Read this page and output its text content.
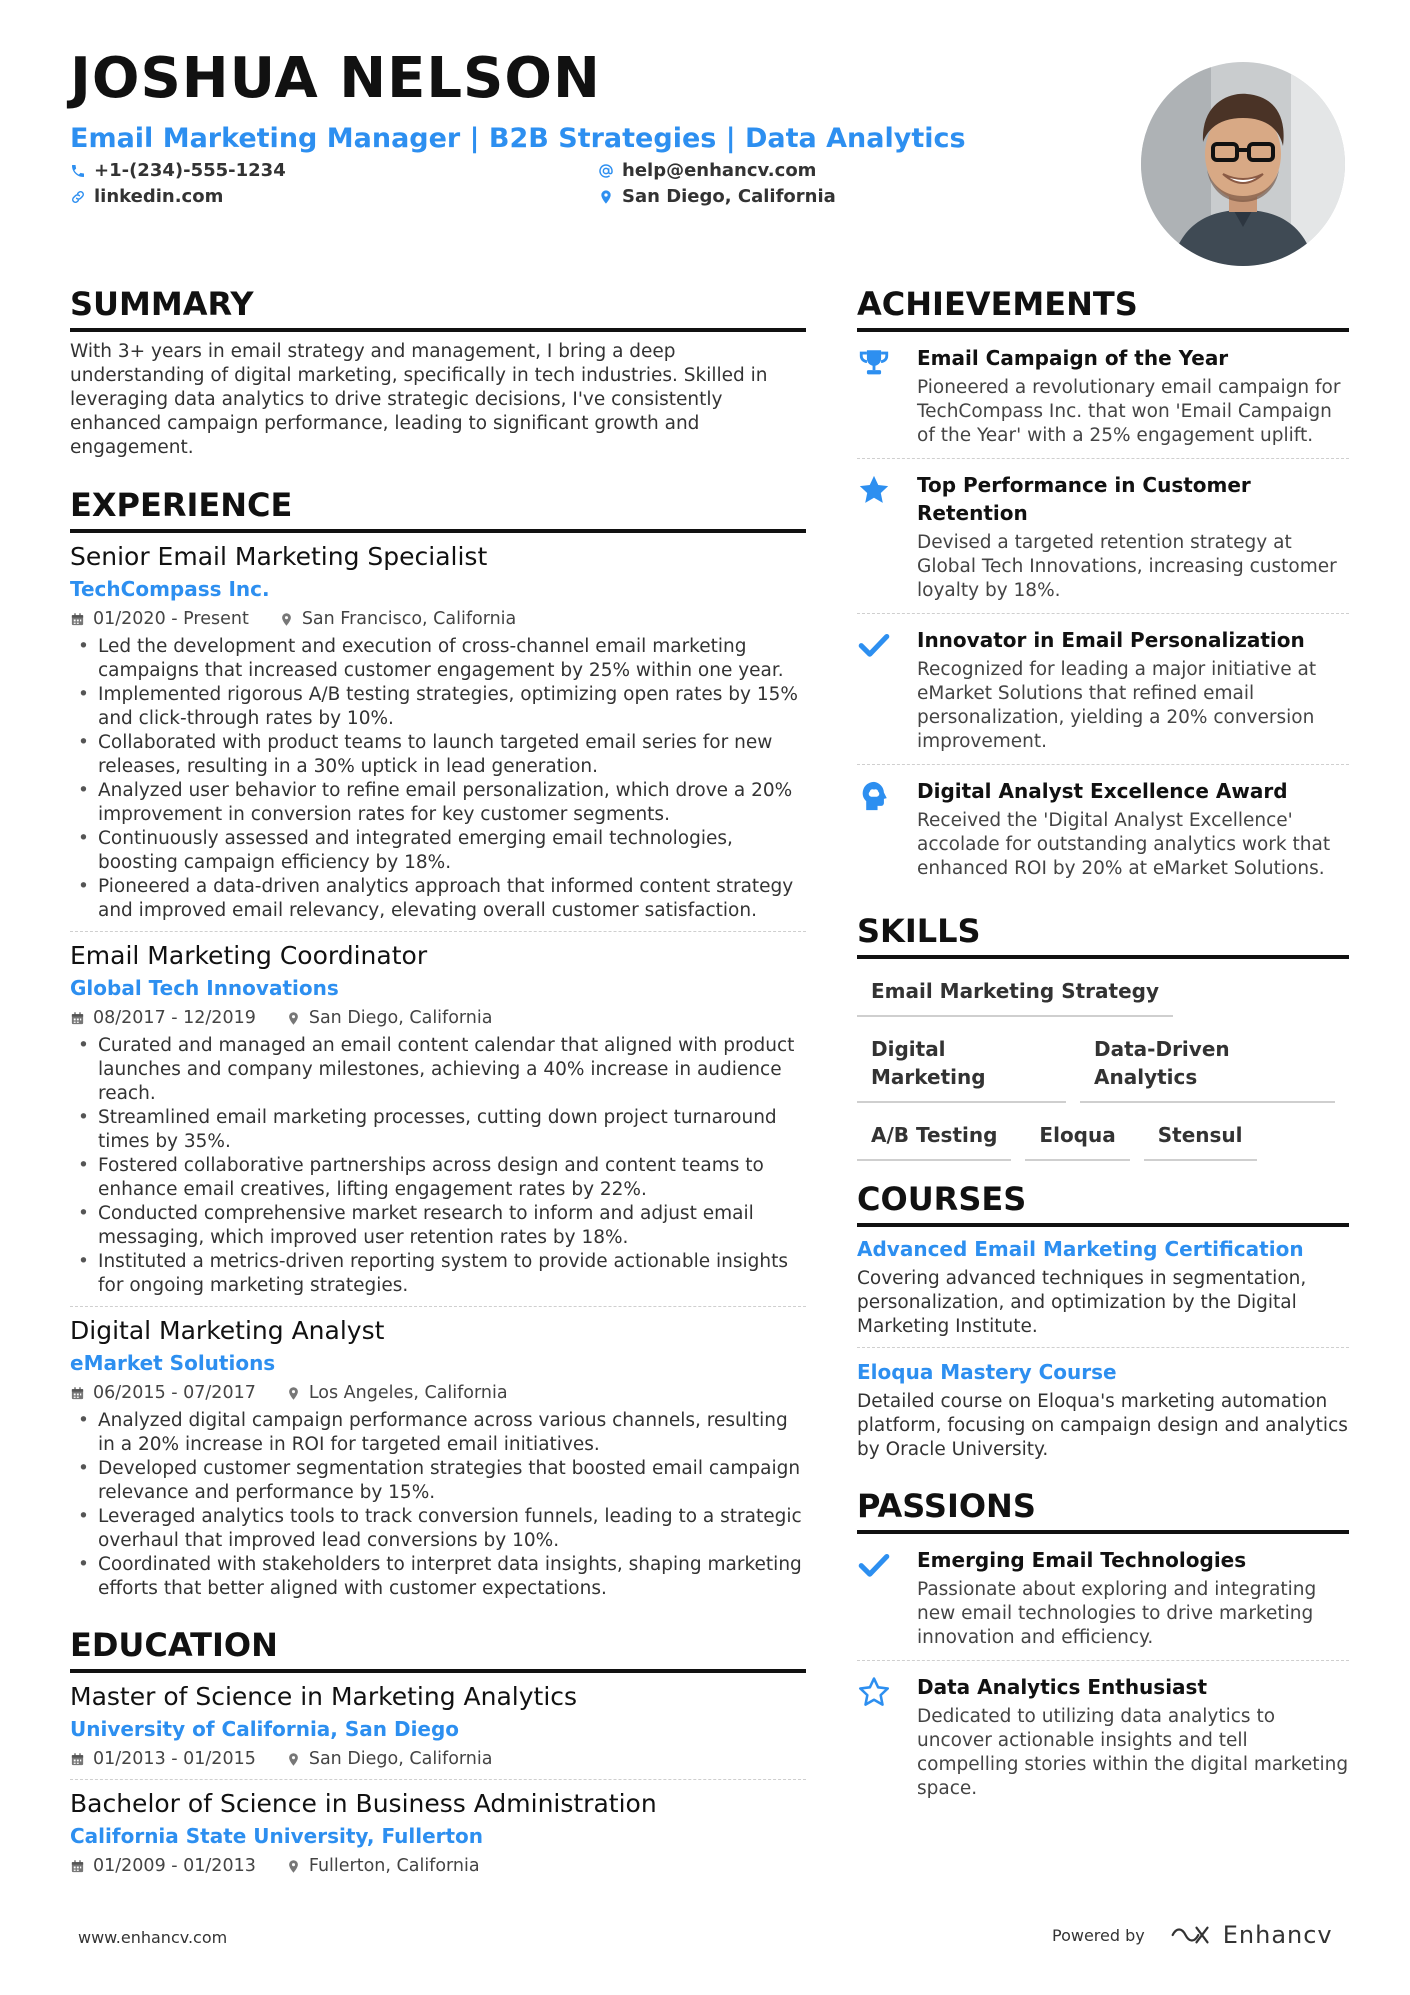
JOSHUA NELSON
Email Marketing Manager | B2B Strategies | Data Analytics
+1-(234)-555-1234	help@enhancv.com
linkedin.com	San Diego, California
SUMMARY

With 3+ years in email strategy and management, I bring a deep understanding of digital marketing, specifically in tech industries. Skilled in leveraging data analytics to drive strategic decisions, I've consistently enhanced campaign performance, leading to significant growth and engagement.

EXPERIENCE
Senior Email Marketing Specialist
TechCompass Inc.
01/2020 - Present	San Francisco, California
• Led the development and execution of cross-channel email marketing campaigns that increased customer engagement by 25% within one year.
• Implemented rigorous A/B testing strategies, optimizing open rates by 15% and click-through rates by 10%.
• Collaborated with product teams to launch targeted email series for new releases, resulting in a 30% uptick in lead generation.
• Analyzed user behavior to refine email personalization, which drove a 20% improvement in conversion rates for key customer segments.
• Continuously assessed and integrated emerging email technologies, boosting campaign efficiency by 18%.
• Pioneered a data-driven analytics approach that informed content strategy and improved email relevancy, elevating overall customer satisfaction.
Email Marketing Coordinator
Global Tech Innovations
08/2017 - 12/2019	San Diego, California
• Curated and managed an email content calendar that aligned with product launches and company milestones, achieving a 40% increase in audience reach.
• Streamlined email marketing processes, cutting down project turnaround times by 35%.
• Fostered collaborative partnerships across design and content teams to enhance email creatives, lifting engagement rates by 22%.
• Conducted comprehensive market research to inform and adjust email messaging, which improved user retention rates by 18%.
• Instituted a metrics-driven reporting system to provide actionable insights for ongoing marketing strategies.
Digital Marketing Analyst
eMarket Solutions
06/2015 - 07/2017	Los Angeles, California
• Analyzed digital campaign performance across various channels, resulting in a 20% increase in ROI for targeted email initiatives.
• Developed customer segmentation strategies that boosted email campaign relevance and performance by 15%.
• Leveraged analytics tools to track conversion funnels, leading to a strategic overhaul that improved lead conversions by 10%.
• Coordinated with stakeholders to interpret data insights, shaping marketing efforts that better aligned with customer expectations.
EDUCATION
Master of Science in Marketing Analytics
University of California, San Diego
01/2013 - 01/2015	San Diego, California
Bachelor of Science in Business Administration
California State University, Fullerton
01/2009 - 01/2013	Fullerton, California
ACHIEVEMENTS
Email Campaign of the Year
Pioneered a revolutionary email campaign for TechCompass Inc. that won 'Email Campaign of the Year' with a 25% engagement uplift.
Top Performance in Customer Retention
Devised a targeted retention strategy at Global Tech Innovations, increasing customer loyalty by 18%.
Innovator in Email Personalization
Recognized for leading a major initiative at eMarket Solutions that refined email personalization, yielding a 20% conversion improvement.
Digital Analyst Excellence Award
Received the 'Digital Analyst Excellence' accolade for outstanding analytics work that enhanced ROI by 20% at eMarket Solutions.
SKILLS
Email Marketing Strategy
Digital Marketing
Data-Driven Analytics
A/B Testing	Eloqua	Stensul
COURSES
Advanced Email Marketing Certification
Covering advanced techniques in segmentation, personalization, and optimization by the Digital Marketing Institute.
Eloqua Mastery Course
Detailed course on Eloqua's marketing automation platform, focusing on campaign design and analytics by Oracle University.
PASSIONS
Emerging Email Technologies
Passionate about exploring and integrating new email technologies to drive marketing innovation and efficiency.
Data Analytics Enthusiast
Dedicated to utilizing data analytics to uncover actionable insights and tell compelling stories within the digital marketing space.
www.enhancv.com	Powered by	Enhancv
